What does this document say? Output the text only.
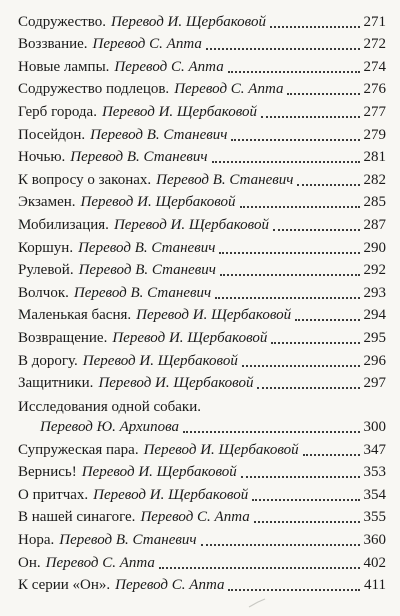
Содружество. Перевод И. Щербаковой	271
Воззвание. Перевод С. Апта	272
Новые лампы. Перевод С. Апта	274
Содружество подлецов. Перевод С. Апта	276
Герб города. Перевод И. Щербаковой	277
Посейдон. Перевод В. Станевич	279
Ночью. Перевод В. Станевич	281
К вопросу о законах. Перевод В. Станевич	282
Экзамен. Перевод И. Щербаковой	285
Мобилизация. Перевод И. Щербаковой	287
Коршун. Перевод В. Станевич	290
Рулевой. Перевод В. Станевич	292
Волчок. Перевод В. Станевич	293
Маленькая басня. Перевод И. Щербаковой	294
Возвращение. Перевод И. Щербаковой	295
В дорогу. Перевод И. Щербаковой	296
Защитники. Перевод И. Щербаковой	297
Исследования одной собаки.
Перевод Ю. Архипова	300
Супружеская пара. Перевод И. Щербаковой	347
Вернись! Перевод И. Щербаковой	353
О притчах. Перевод И. Щербаковой	354
В нашей синагоге. Перевод С. Апта	355
Нора. Перевод В. Станевич	360
Он. Перевод С. Апта	402
К серии «Он». Перевод С. Апта	411
